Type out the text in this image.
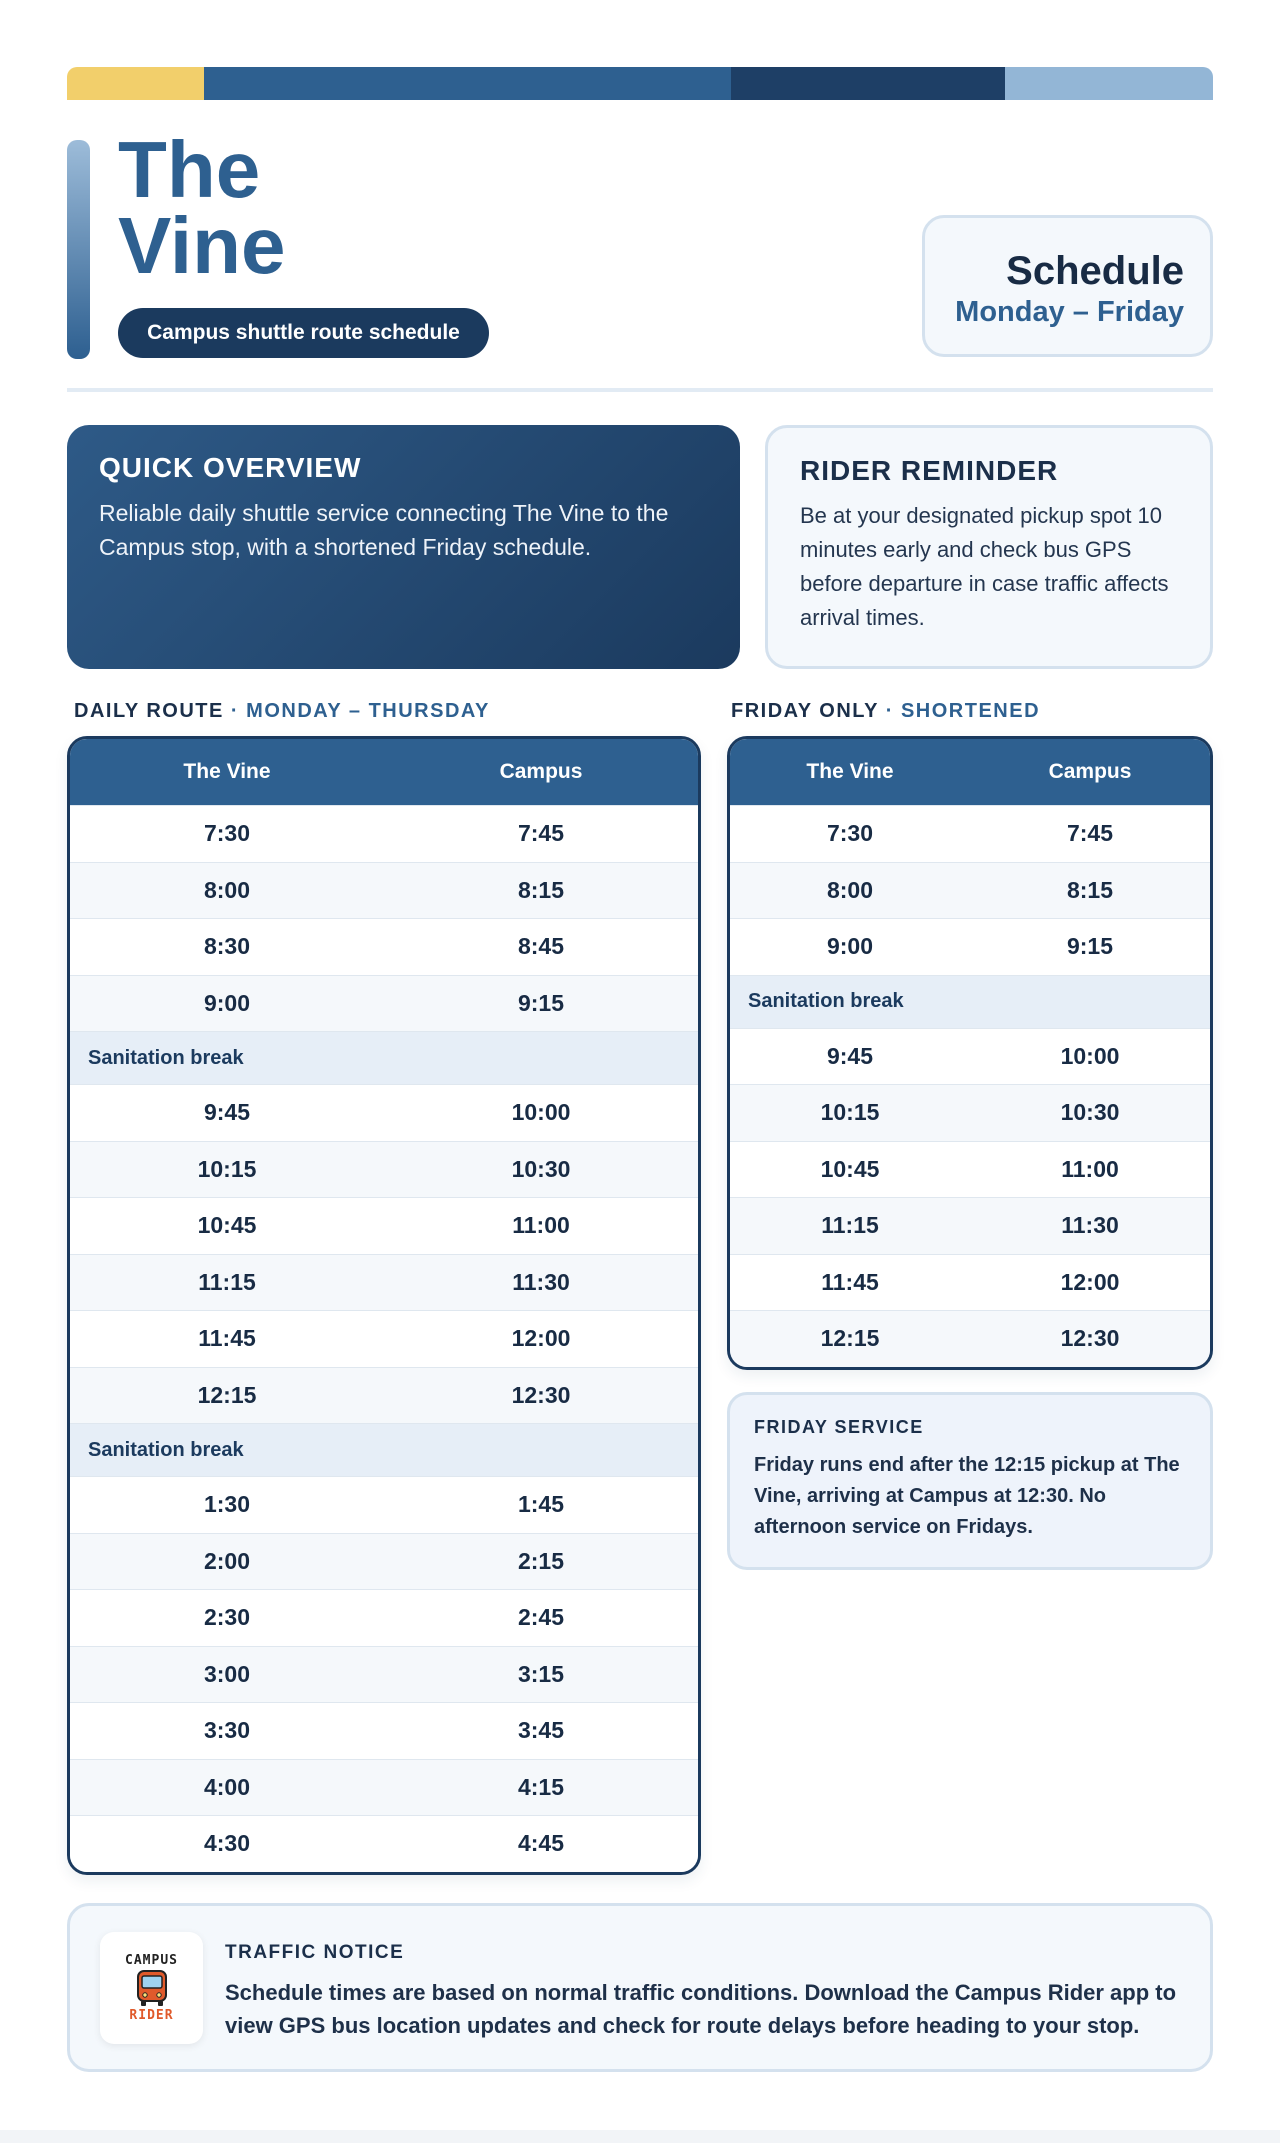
The
Vine
Campus shuttle route schedule
Schedule
Monday – Friday
QUICK OVERVIEW
Reliable daily shuttle service connecting The Vine to the Campus stop, with a shortened Friday schedule.
RIDER REMINDER
Be at your designated pickup spot 10 minutes early and check bus GPS before departure in case traffic affects arrival times.
DAILY ROUTE · MONDAY – THURSDAY	FRIDAY ONLY · SHORTENED
The Vine	Campus
7:30	7:45
8:00	8:15
8:30	8:45
9:00	9:15
Sanitation break
9:45	10:00
10:15	10:30
10:45	11:00
11:15	11:30
11:45	12:00
12:15	12:30
Sanitation break
1:30	1:45
2:00	2:15
2:30	2:45
3:00	3:15
3:30	3:45
4:00	4:15
4:30	4:45
The Vine	Campus
7:30	7:45
8:00	8:15
9:00	9:15
Sanitation break
9:45	10:00
10:15	10:30
10:45	11:00
11:15	11:30
11:45	12:00
12:15	12:30
FRIDAY SERVICE
Friday runs end after the 12:15 pickup at The Vine, arriving at Campus at 12:30. No afternoon service on Fridays.
CAMPUS
RIDER
TRAFFIC NOTICE
Schedule times are based on normal traffic conditions. Download the Campus Rider app to view GPS bus location updates and check for route delays before heading to your stop.
